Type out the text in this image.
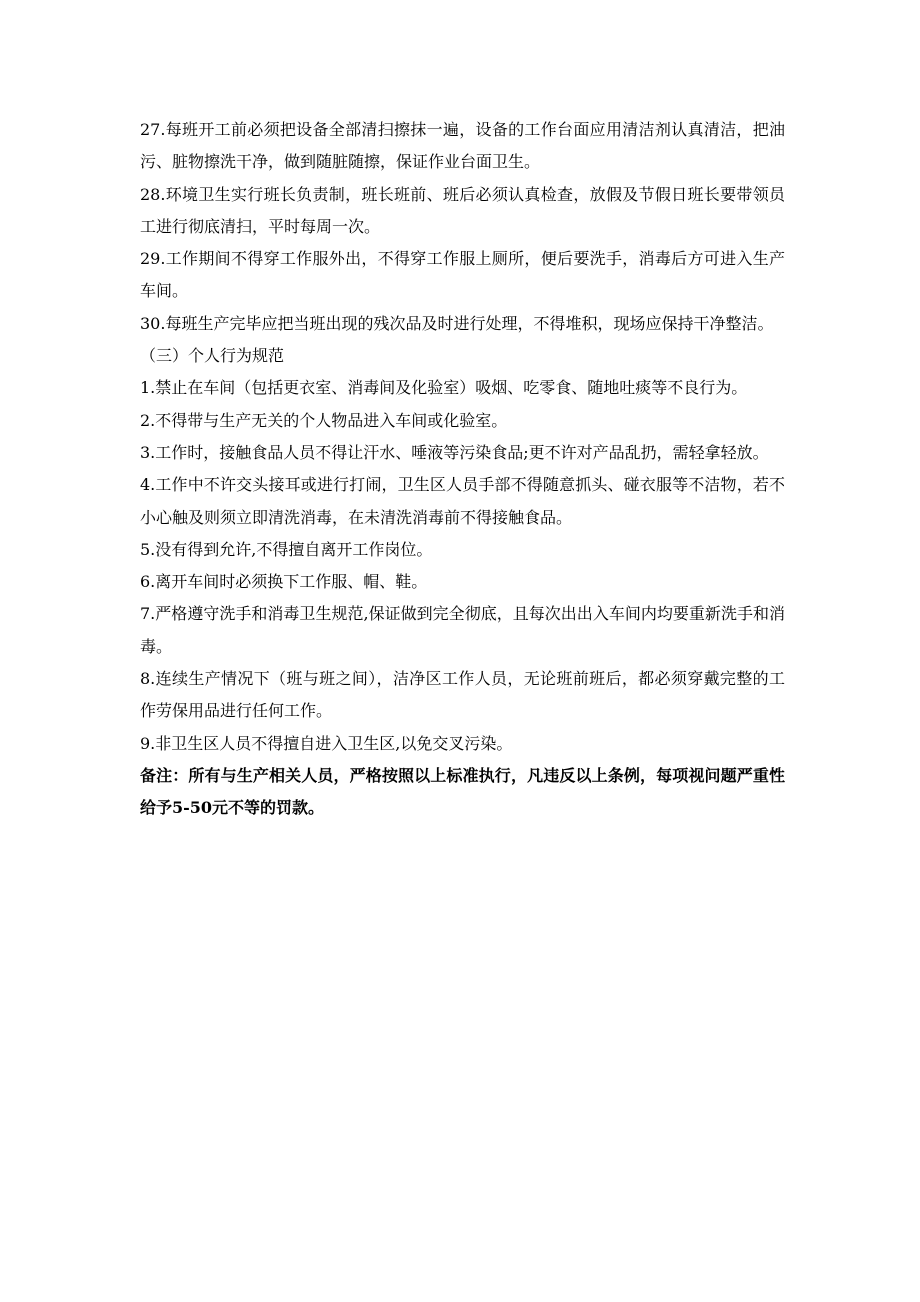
27.每班开工前必须把设备全部清扫擦抹一遍，设备的工作台面应用清洁剂认真清洁，把油污、脏物擦洗干净，做到随脏随擦，保证作业台面卫生。

28.环境卫生实行班长负责制，班长班前、班后必须认真检查，放假及节假日班长要带领员工进行彻底清扫，平时每周一次。

29.工作期间不得穿工作服外出，不得穿工作服上厕所，便后要洗手，消毒后方可进入生产车间。

30.每班生产完毕应把当班出现的残次品及时进行处理，不得堆积，现场应保持干净整洁。

（三）个人行为规范

1.禁止在车间（包括更衣室、消毒间及化验室）吸烟、吃零食、随地吐痰等不良行为。

2.不得带与生产无关的个人物品进入车间或化验室。

3.工作时，接触食品人员不得让汗水、唾液等污染食品;更不许对产品乱扔，需轻拿轻放。

4.工作中不许交头接耳或进行打闹，卫生区人员手部不得随意抓头、碰衣服等不洁物，若不小心触及则须立即清洗消毒，在未清洗消毒前不得接触食品。

5.没有得到允许,不得擅自离开工作岗位。

6.离开车间时必须换下工作服、帽、鞋。

7.严格遵守洗手和消毒卫生规范,保证做到完全彻底，且每次出出入车间内均要重新洗手和消毒。

8.连续生产情况下（班与班之间），洁净区工作人员，无论班前班后，都必须穿戴完整的工作劳保用品进行任何工作。

9.非卫生区人员不得擅自进入卫生区,以免交叉污染。

备注：所有与生产相关人员，严格按照以上标准执行，凡违反以上条例，每项视问题严重性给予5-50元不等的罚款。
